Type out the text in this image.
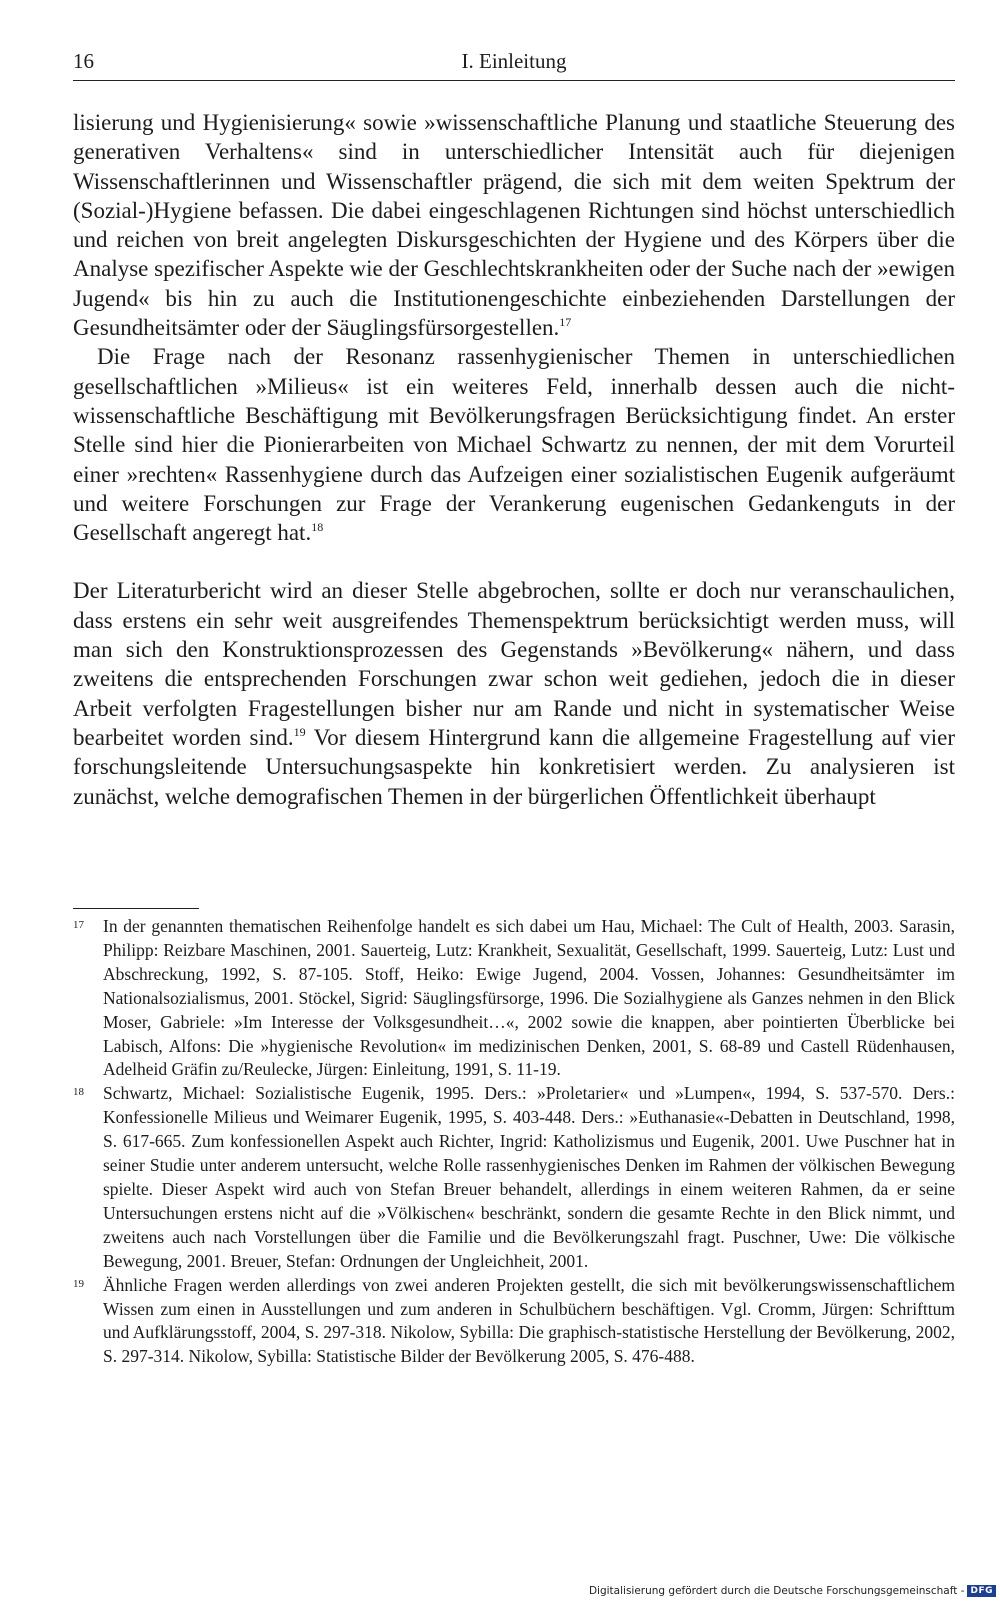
16	I. Einleitung

lisierung und Hygienisierung« sowie »wissenschaftliche Planung und staatliche Steuerung des generativen Verhaltens« sind in unterschiedlicher Intensität auch für diejenigen Wissenschaftlerinnen und Wissenschaftler prägend, die sich mit dem weiten Spektrum der (Sozial-)Hygiene befassen. Die dabei eingeschlagenen Richtungen sind höchst unterschiedlich und reichen von breit angelegten Diskursgeschichten der Hygiene und des Körpers über die Analyse spezifischer Aspekte wie der Geschlechtskrankheiten oder der Suche nach der »ewigen Jugend« bis hin zu auch die Institutionengeschichte einbeziehenden Darstellungen der Gesundheitsämter oder der Säuglingsfürsorgestellen.$^{17}$

Die Frage nach der Resonanz rassenhygienischer Themen in unterschiedlichen gesellschaftlichen »Milieus« ist ein weiteres Feld, innerhalb dessen auch die nichtwissenschaftliche Beschäftigung mit Bevölkerungsfragen Berücksichtigung findet. An erster Stelle sind hier die Pionierarbeiten von Michael Schwartz zu nennen, der mit dem Vorurteil einer »rechten« Rassenhygiene durch das Aufzeigen einer sozialistischen Eugenik aufgeräumt und weitere Forschungen zur Frage der Verankerung eugenischen Gedankenguts in der Gesellschaft angeregt hat.$^{18}$

Der Literaturbericht wird an dieser Stelle abgebrochen, sollte er doch nur veranschaulichen, dass erstens ein sehr weit ausgreifendes Themenspektrum berücksichtigt werden muss, will man sich den Konstruktionsprozessen des Gegenstands »Bevölkerung« nähern, und dass zweitens die entsprechenden Forschungen zwar schon weit gediehen, jedoch die in dieser Arbeit verfolgten Fragestellungen bisher nur am Rande und nicht in systematischer Weise bearbeitet worden sind.$^{19}$ Vor diesem Hintergrund kann die allgemeine Fragestellung auf vier forschungsleitende Untersuchungsaspekte hin konkretisiert werden. Zu analysieren ist zunächst, welche demografischen Themen in der bürgerlichen Öffentlichkeit überhaupt

17 In der genannten thematischen Reihenfolge handelt es sich dabei um Hau, Michael: The Cult of Health, 2003. Sarasin, Philipp: Reizbare Maschinen, 2001. Sauerteig, Lutz: Krankheit, Sexualität, Gesellschaft, 1999. Sauerteig, Lutz: Lust und Abschreckung, 1992, S. 87-105. Stoff, Heiko: Ewige Jugend, 2004. Vossen, Johannes: Gesundheitsämter im Nationalsozialismus, 2001. Stöckel, Sigrid: Säuglingsfürsorge, 1996. Die Sozialhygiene als Ganzes nehmen in den Blick Moser, Gabriele: »Im Interesse der Volksgesundheit…«, 2002 sowie die knappen, aber pointierten Überblicke bei Labisch, Alfons: Die »hygienische Revolution« im medizinischen Denken, 2001, S. 68-89 und Castell Rüdenhausen, Adelheid Gräfin zu/Reulecke, Jürgen: Einleitung, 1991, S. 11-19.
18 Schwartz, Michael: Sozialistische Eugenik, 1995. Ders.: »Proletarier« und »Lumpen«, 1994, S. 537-570. Ders.: Konfessionelle Milieus und Weimarer Eugenik, 1995, S. 403-448. Ders.: »Euthanasie«-Debatten in Deutschland, 1998, S. 617-665. Zum konfessionellen Aspekt auch Richter, Ingrid: Katholizismus und Eugenik, 2001. Uwe Puschner hat in seiner Studie unter anderem untersucht, welche Rolle rassenhygienisches Denken im Rahmen der völkischen Bewegung spielte. Dieser Aspekt wird auch von Stefan Breuer behandelt, allerdings in einem weiteren Rahmen, da er seine Untersuchungen erstens nicht auf die »Völkischen« beschränkt, sondern die gesamte Rechte in den Blick nimmt, und zweitens auch nach Vorstellungen über die Familie und die Bevölkerungszahl fragt. Puschner, Uwe: Die völkische Bewegung, 2001. Breuer, Stefan: Ordnungen der Ungleichheit, 2001.
19 Ähnliche Fragen werden allerdings von zwei anderen Projekten gestellt, die sich mit bevölkerungswissenschaftlichem Wissen zum einen in Ausstellungen und zum anderen in Schulbüchern beschäftigen. Vgl. Cromm, Jürgen: Schrifttum und Aufklärungsstoff, 2004, S. 297-318. Nikolow, Sybilla: Die graphisch-statistische Herstellung der Bevölkerung, 2002, S. 297-314. Nikolow, Sybilla: Statistische Bilder der Bevölkerung 2005, S. 476-488.
Digitalisierung gefördert durch die Deutsche Forschungsgemeinschaft - DFG
